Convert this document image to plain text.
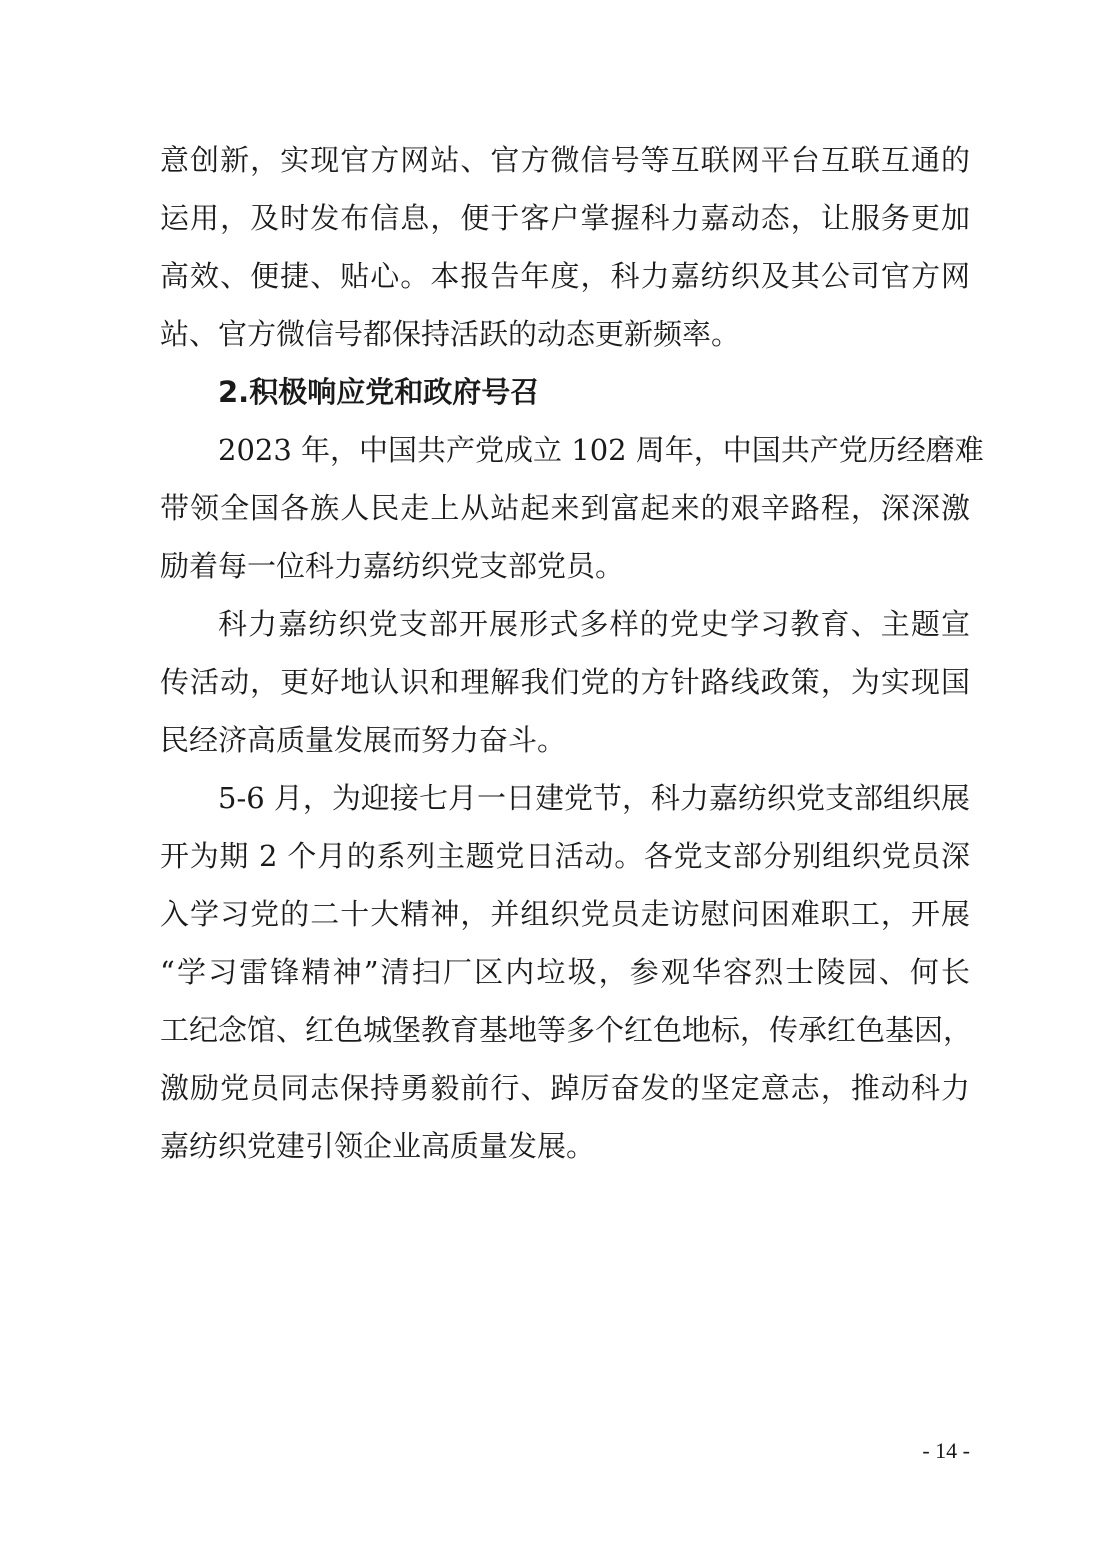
意创新，实现官方网站、官方微信号等互联网平台互联互通的
运用，及时发布信息，便于客户掌握科力嘉动态，让服务更加
高效、便捷、贴心。本报告年度，科力嘉纺织及其公司官方网
站、官方微信号都保持活跃的动态更新频率。
2.积极响应党和政府号召
2023 年，中国共产党成立 102 周年，中国共产党历经磨难
带领全国各族人民走上从站起来到富起来的艰辛路程，深深激
励着每一位科力嘉纺织党支部党员。
科力嘉纺织党支部开展形式多样的党史学习教育、主题宣
传活动，更好地认识和理解我们党的方针路线政策，为实现国
民经济高质量发展而努力奋斗。
5-6 月，为迎接七月一日建党节，科力嘉纺织党支部组织展
开为期 2 个月的系列主题党日活动。各党支部分别组织党员深
入学习党的二十大精神，并组织党员走访慰问困难职工，开展
“学习雷锋精神”清扫厂区内垃圾，参观华容烈士陵园、何长
工纪念馆、红色城堡教育基地等多个红色地标，传承红色基因，
激励党员同志保持勇毅前行、踔厉奋发的坚定意志，推动科力
嘉纺织党建引领企业高质量发展。
- 14 -
